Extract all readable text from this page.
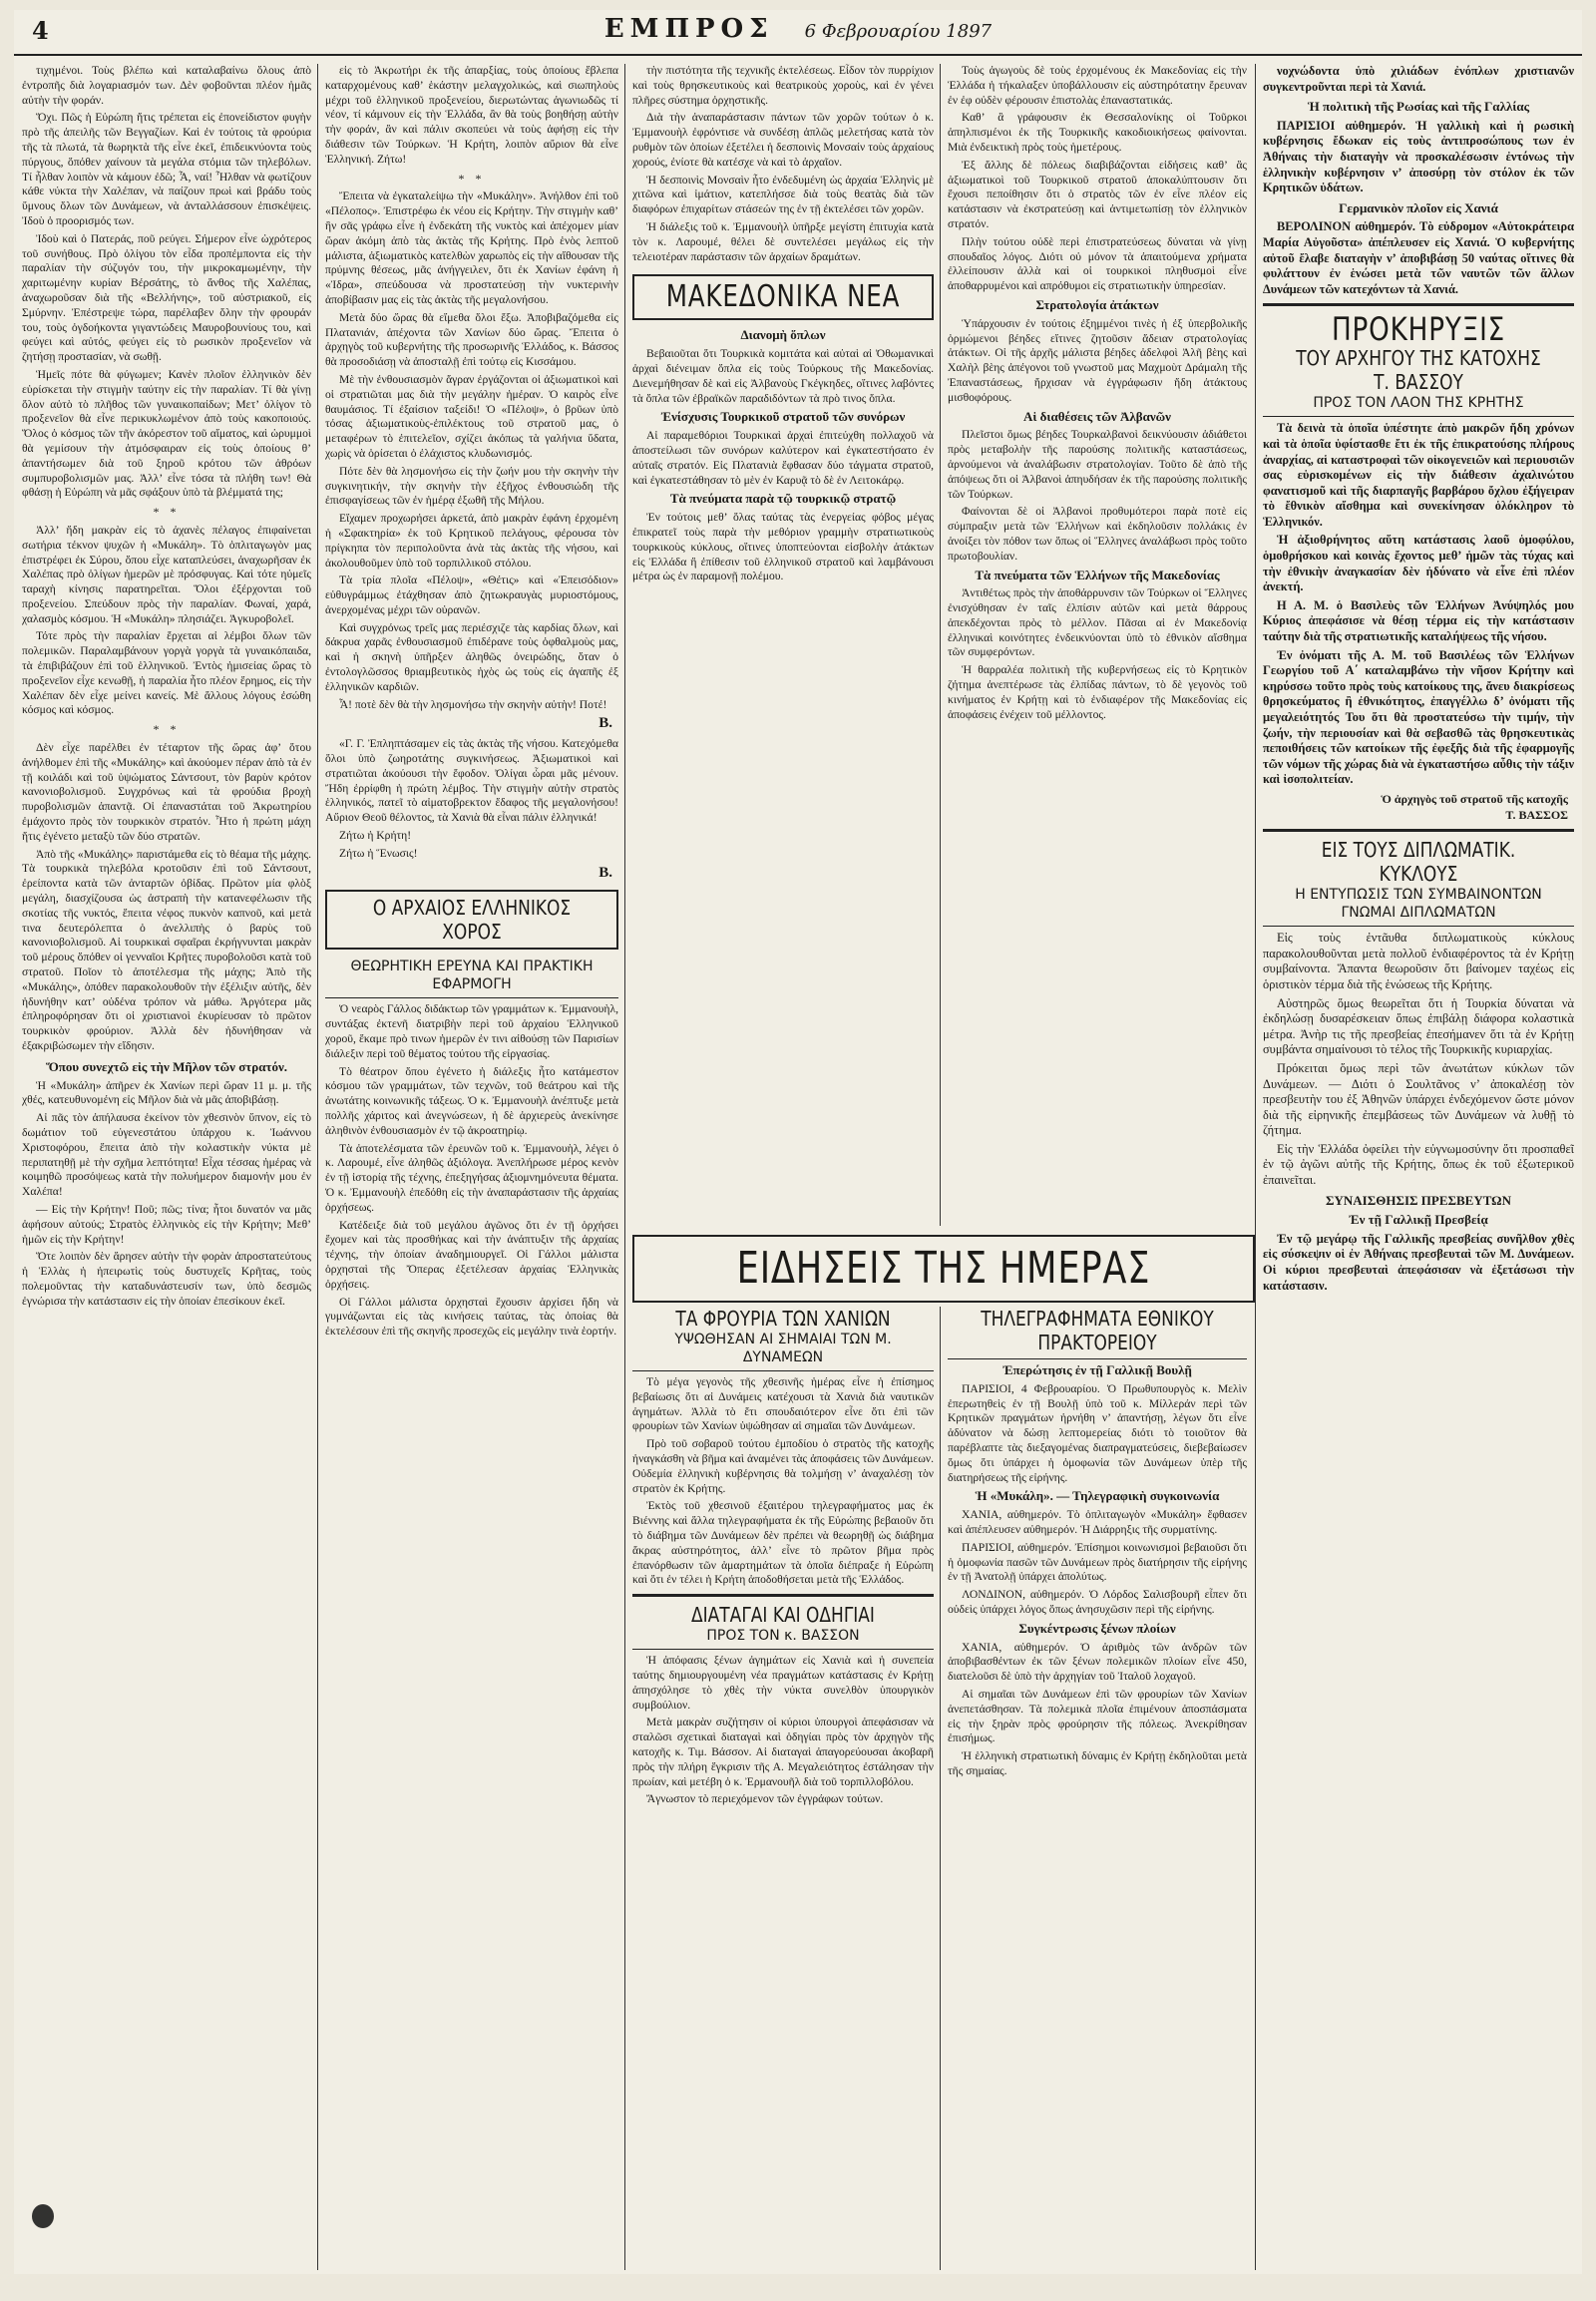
4	ΕΜΠΡΟΣ 6 Φεβρουαρίου 1897

τιχημένοι. Τοὺς βλέπω καὶ καταλαβαίνω ὅλους ἀπὸ ἐντροπῆς διὰ λογαριασμόν των. Δὲν φοβοῦνται πλέον ἡμᾶς αὐτὴν τὴν φοράν.

Ὅχι. Πῶς ἡ Εὐρώπη ἤτις τρέπεται εἰς ἐπονείδιστον φυγὴν πρὸ τῆς ἀπειλῆς τῶν Βεγγαζίων. Καὶ ἐν τούτοις τὰ φρούρια τῆς τὰ πλωτά, τὰ θωρηκτὰ τῆς εἶνε ἐκεῖ, ἐπιδεικνύοντα τοὺς πύργους, ὅπόθεν χαίνουν τὰ μεγάλα στόμια τῶν τηλεβόλων. Τί ἦλθαν λοιπὸν νὰ κάμουν ἐδῶ; Ἆ, ναί! Ἦλθαν νὰ φωτίζουν κάθε νύκτα τὴν Χαλέπαν, νὰ παίζουν πρωὶ καὶ βράδυ τοὺς ὕμνους ὅλων τῶν Δυνάμεων, νὰ ἀνταλλάσσουν ἐπισκέψεις. Ἰδοὺ ὁ προορισμός των.

Ἰδοὺ καὶ ὁ Πατεράς, ποῦ ρεύγει. Σήμερον εἶνε ὡχρότερος τοῦ συνήθους. Πρὸ ὀλίγου τὸν εἶδα προπέμποντα εἰς τὴν παραλίαν τὴν σύζυγόν του, τὴν μικροκαμωμένην, τὴν χαριτωμένην κυρίαν Βέρσάτης, τὸ ἄνθος τῆς Χαλέπας, ἀναχωροῦσαν διὰ τῆς «Βελλήνης», τοῦ αὐστριακοῦ, εἰς Σμύρνην. Ἐπέστρεψε τώρα, παρέλαβεν ὅλην τὴν φρουράν του, τοὺς ὀγδοήκοντα γιγαντώδεις Μαυροβουνίους του, καὶ φεύγει καὶ αὐτός, φεύγει εἰς τὸ ρωσικὸν προξενεῖον νὰ ζητήσῃ προστασίαν, νὰ σωθῇ.

Ἡμεῖς πότε θὰ φύγωμεν; Κανὲν πλοῖον ἑλληνικὸν δὲν εὑρίσκεται τὴν στιγμὴν ταύτην εἰς τὴν παραλίαν. Τί θὰ γίνῃ ὅλον αὐτὸ τὸ πλῆθος τῶν γυναικοπαίδων; Μετ’ ὀλίγον τὸ προξενεῖον θὰ εἶνε περικυκλωμένον ἀπὸ τοὺς κακοποιούς. Ὅλος ὁ κόσμος τῶν τῆν ἀκόρεστον τοῦ αἵματος, καὶ ὠρυμμοὶ θὰ γεμίσουν τὴν ἀτμόσφαιραν εἰς τοὺς ὁποίους θ’ ἀπαντήσωμεν διὰ τοῦ ξηροῦ κρότου τῶν ἀθρόων συμπυροβολισμῶν μας. Ἀλλ’ εἶνε τόσα τὰ πλήθη των! Θὰ φθάσῃ ἡ Εὐρώπη νὰ μᾶς σφάξουν ὑπὸ τὰ βλέμματά της;

* *

Ἀλλ’ ἤδη μακρὰν εἰς τὸ ἀχανὲς πέλαγος ἐπιφαίνεται σωτήρια τέκνον ψυχῶν ἡ «Μυκάλη». Τὸ ὁπλιταγωγὸν μας ἐπιστρέφει ἐκ Σύρου, ὅπου εἶχε καταπλεύσει, ἀναχωρῆσαν ἐκ Χαλέπας πρὸ ὀλίγων ἡμερῶν μὲ πρόσφυγας. Καὶ τότε ηὐμεῖς ταραχὴ κίνησις παρατηρεῖται. Ὅλοι ἐξέρχονται τοῦ προξενείου. Σπεύδουν πρὸς τὴν παραλίαν. Φωναί, χαρά, χαλασμὸς κόσμου. Ἡ «Μυκάλη» πλησιάζει. Ἀγκυροβολεῖ.

Τότε πρὸς τὴν παραλίαν ἔρχεται αἱ λέμβοι ὅλων τῶν πολεμικῶν. Παραλαμβάνουν γοργὰ γοργὰ τὰ γυναικόπαιδα, τὰ ἐπιβιβάζουν ἐπὶ τοῦ ἑλληνικοῦ. Ἐντὸς ἡμισείας ὥρας τὸ προξενεῖον εἶχε κενωθῇ, ἡ παραλία ἦτο πλέον ἔρημος, εἰς τὴν Χαλέπαν δὲν εἶχε μείνει κανείς. Μὲ ἄλλους λόγους ἐσώθη κόσμος καὶ κόσμος.

* *

Δὲν εἶχε παρέλθει ἐν τέταρτον τῆς ὥρας ἀφ’ ὅτου ἀνήλθομεν ἐπὶ τῆς «Μυκάλης» καὶ ἀκούομεν πέραν ἀπὸ τὰ ἐν τῇ κοιλάδι καὶ τοῦ ὑψώματος Σάντσουτ, τὸν βαρὺν κρότον κανονιοβολισμοῦ. Συγχρόνως καὶ τὰ φρούδια βροχὴ πυροβολισμῶν ἀπαντᾷ. Οἱ ἐπαναστάται τοῦ Ἀκρωτηρίου ἐμάχοντο πρὸς τὸν τουρκικὸν στρατόν. Ἦτο ἡ πρώτη μάχη ἥτις ἐγένετο μεταξὺ τῶν δύο στρατῶν.

Ἀπὸ τῆς «Μυκάλης» παριστάμεθα εἰς τὸ θέαμα τῆς μάχης. Τὰ τουρκικὰ τηλεβόλα κροτοῦσιν ἐπὶ τοῦ Σάντσουτ, ἐρείποντα κατὰ τῶν ἀνταρτῶν ὀβίδας. Πρῶτον μία φλὸξ μεγάλη, διασχίζουσα ὡς ἀστραπὴ τὴν κατανεφέλωσιν τῆς σκοτίας τῆς νυκτός, ἔπειτα νέφος πυκνὸν καπνοῦ, καὶ μετὰ τινα δευτερόλεπτα ὁ ἀνελλιπὴς ὁ βαρὺς τοῦ κανονιοβολισμοῦ. Αἱ τουρκικαὶ σφαῖραι ἐκρήγνυνται μακρὰν τοῦ μέρους ὅπόθεν οἱ γενναῖοι Κρῆτες πυροβολοῦσι κατὰ τοῦ στρατοῦ. Ποῖον τὸ ἀποτέλεσμα τῆς μάχης; Ἀπὸ τῆς «Μυκάλης», ὁπόθεν παρακολουθοῦν τὴν ἐξέλιξιν αὐτῆς, δὲν ἠδυνήθην κατ’ οὐδένα τρόπον νὰ μάθω. Ἀργότερα μᾶς ἐπληροφόρησαν ὅτι οἱ χριστιανοὶ ἐκυρίευσαν τὸ πρῶτον τουρκικὸν φρούριον. Ἀλλὰ δὲν ἠδυνήθησαν νὰ ἐξακριβώσωμεν τὴν εἴδησιν.

Ὅπου συνεχτῶ εἰς τὴν Μῆλον τῶν στρατόν.

Ἡ «Μυκάλη» ἀπῆρεν ἐκ Χανίων περὶ ὥραν 11 μ. μ. τῆς χθές, κατευθυνομένη εἰς Μῆλον διὰ νὰ μᾶς ἀποβιβάσῃ.

Αἱ πᾶς τὸν ἀπήλαυσα ἐκείνον τὸν χθεσινὸν ὕπνον, εἰς τὸ δωμάτιον τοῦ εὐγενεστάτου ὑπάρχου κ. Ἰωάννου Χριστοφόρου, ἔπειτα ἀπὸ τὴν κολαστικὴν νύκτα μὲ περιπατηθῇ μὲ τὴν σχῆμα λεπτότητα! Εἶχα τέσσας ἡμέρας νὰ κοιμηθῶ προσόψεως κατὰ τὴν πολυήμερον διαμονήν μου ἐν Χαλέπα!

— Εἰς τὴν Κρήτην! Ποῦ; πῶς; τίνα; ἦτοι δυνατόν να μᾶς ἀφήσουν αὐτούς; Στρατὸς ἑλληνικὸς εἰς τὴν Κρήτην; Μεθ’ ἡμῶν εἰς τὴν Κρήτην!

Ὅτε λοιπὸν δὲν ἄρησεν αὐτὴν τὴν φορὰν ἀπροστατεύτους ἡ Ἑλλὰς ἡ ἠπειρωτὶς τοὺς δυστυχεῖς Κρῆτας, τοὺς πολεμοῦντας τὴν καταδυνάστευσίν των, ὑπὸ δεσμῶς ἐγνώρισα τὴν κατάστασιν εἰς τὴν ὁποίαν ἐπεσίκουν ἐκεῖ.

εἰς τὸ Ἀκρωτήρι ἐκ τῆς ἀπαρξίας, τοὺς ὁποίους ἔβλεπα καταρχομένους καθ’ ἑκάστην μελαγχολικώς, καὶ σιωπηλοὺς μέχρι τοῦ ἑλληνικοῦ προξενείου, διερωτώντας ἀγωνιωδῶς τί νέον, τί κάμνουν εἰς τὴν Ἑλλάδα, ἂν θὰ τοὺς βοηθήσῃ αὐτὴν τὴν φοράν, ἂν καὶ πάλιν σκοπεύει νὰ τοὺς ἀφήσῃ εἰς τὴν διάθεσιν τῶν Τούρκων. Ἡ Κρήτη, λοιπὸν αὔριον θὰ εἶνε Ἑλληνική. Ζήτω!

* *

Ἔπειτα νὰ ἐγκαταλείψω τὴν «Μυκάλην». Ἀνήλθον ἐπὶ τοῦ «Πέλοπος». Ἐπιστρέφω ἐκ νέου εἰς Κρήτην. Τὴν στιγμὴν καθ’ ἣν σᾶς γράφω εἶνε ἡ ἐνδεκάτη τῆς νυκτὸς καὶ ἀπέχομεν μίαν ὥραν ἀκόμη ἀπὸ τὰς ἀκτὰς τῆς Κρήτης. Πρὸ ἑνὸς λεπτοῦ μάλιστα, ἀξιωματικὸς κατελθὼν χαρωπὸς εἰς τὴν αἴθουσαν τῆς πρύμνης θέσεως, μᾶς ἀνήγγειλεν, ὅτι ἐκ Χανίων ἐφάνη ἡ «Ἰδρα», σπεύδουσα νὰ προστατεύσῃ τὴν νυκτερινὴν ἀποβίβασιν μας εἰς τὰς ἀκτὰς τῆς μεγαλονήσου.

Μετὰ δύο ὥρας θὰ εἴμεθα ὅλοι ἔξω. Ἀποβιβαζόμεθα εἰς Πλατανιάν, ἀπέχοντα τῶν Χανίων δύο ὥρας. Ἔπειτα ὁ ἀρχηγὸς τοῦ κυβερνήτης τῆς προσωρινῆς Ἑλλάδος, κ. Βάσσος θὰ προσοδιάσῃ νὰ ἀποσταλῇ ἐπὶ τούτῳ εἰς Κισσάμου.

Μὲ τὴν ἐνθουσιασμὸν ἄγραν ἐργάζονται οἱ ἀξιωματικοὶ καὶ οἱ στρατιῶται μας διὰ τὴν μεγάλην ἡμέραν. Ὁ καιρὸς εἶνε θαυμάσιος. Τί ἐξαίσιον ταξείδι! Ὁ «Πέλοψ», ὁ βρῦων ὑπὸ τόσας ἀξιωματικοὺς-ἐπιλέκτους τοῦ στρατοῦ μας, ὁ μεταφέρων τὸ ἐπιτελεῖον, σχίζει ἀκόπως τὰ γαλήνια ὕδατα, χωρὶς νὰ ὁρίσεται ὁ ἐλάχιστος κλυδωνισμός.

Πότε δὲν θὰ λησμονήσω εἰς τὴν ζωήν μου τὴν σκηνὴν τὴν συγκινητικήν, τὴν σκηνὴν τὴν ἐξῆχος ἐνθουσιώδη τῆς ἐπισφαγίσεως τῶν ἐν ἡμέρᾳ ἐξωθῆ τῆς Μήλου.

Εἴχαμεν προχωρήσει ἀρκετά, ἀπὸ μακρὰν ἐφάνη ἐρχομένη ἡ «Σφακτηρία» ἐκ τοῦ Κρητικοῦ πελάγους, φέρουσα τὸν πρίγκηπα τὸν περιπολοῦντα ἀνὰ τὰς ἀκτὰς τῆς νήσου, καὶ ἀκολουθοῦμεν ὑπὸ τοῦ τορπιλλικοῦ στόλου.

Τὰ τρία πλοῖα «Πέλοψ», «Θέτις» καὶ «Ἐπεισόδιον» εὐθυγράμμως ἐτάχθησαν ἀπὸ ζητωκραυγὰς μυριοστόμους, ἀνερχομένας μέχρι τῶν οὐρανῶν.

Καὶ συγχρόνως τρεῖς μας περιέσχιζε τὰς καρδίας ὅλων, καὶ δάκρυα χαρᾶς ἐνθουσιασμοῦ ἐπιδέρανε τοὺς ὀφθαλμοὺς μας, καὶ ἡ σκηνὴ ὑπῆρξεν ἀληθῶς ὀνειρώδης, ὅταν ὁ ἐντολογλῶσσος θριαμβευτικὸς ἡχὸς ὡς τοὺς εἰς ἀγαπῆς ἐξ ἑλληνικῶν καρδιῶν.

Ἆ! ποτὲ δὲν θὰ τὴν λησμονήσω τὴν σκηνὴν αὐτὴν! Ποτέ!

Β.

«Γ. Γ. Ἐπληπτάσαμεν εἰς τὰς ἀκτὰς τῆς νήσου. Κατεχόμεθα ὅλοι ὑπὸ ζωηροτάτης συγκινήσεως. Ἀξιωματικοὶ καὶ στρατιῶται ἀκούουσι τὴν ἔφοδον. Ὀλίγαι ὧραι μᾶς μένουν. Ἤδη ἐρρίφθη ἡ πρώτη λέμβος. Τὴν στιγμὴν αὐτὴν στρατὸς ἑλληνικός, πατεῖ τὸ αἱματοβρεκτον ἔδαφος τῆς μεγαλονήσου! Αὔριον Θεοῦ θέλοντος, τὰ Χανιὰ θὰ εἶναι πάλιν ἑλληνικά!

Ζήτω ἡ Κρήτη!

Ζήτω ἡ Ἕνωσις!

Β.
Ο ΑΡΧΑΙΟΣ ΕΛΛΗΝΙΚΟΣ ΧΟΡΟΣ
ΘΕΩΡΗΤΙΚΗ ΕΡΕΥΝΑ ΚΑΙ ΠΡΑΚΤΙΚΗ ΕΦΑΡΜΟΓΗ

Ὁ νεαρὸς Γάλλος διδάκτωρ τῶν γραμμάτων κ. Ἐμμανουὴλ, συντάξας ἐκτενῆ διατριβὴν περὶ τοῦ ἀρχαίου Ἑλληνικοῦ χοροῦ, ἔκαμε πρὸ τινων ἡμερῶν ἐν τινι αἰθούσῃ τῶν Παρισίων διάλεξιν περὶ τοῦ θέματος τούτου τῆς εἰργασίας.

Τὸ θέατρον ὅπου ἐγένετο ἡ διάλεξις ἦτο κατάμεστον κόσμου τῶν γραμμάτων, τῶν τεχνῶν, τοῦ θεάτρου καὶ τῆς ἀνωτάτης κοινωνικῆς τάξεως. Ὁ κ. Ἐμμανουὴλ ἀνέπτυξε μετὰ πολλῆς χάριτος καὶ ἀνεγνώσεων, ἡ δὲ ἀρχιερεὺς ἀνεκίνησε ἀληθινὸν ἐνθουσιασμὸν ἐν τῷ ἀκροατηρίῳ.

Τὰ ἀποτελέσματα τῶν ἐρευνῶν τοῦ κ. Ἐμμανουὴλ, λέγει ὁ κ. Λαρουμέ, εἶνε ἀληθῶς ἀξιόλογα. Ἀνεπλήρωσε μέρος κενὸν ἐν τῇ ἱστορίᾳ τῆς τέχνης, ἐπεξηγήσας ἀξιομνημόνευτα θέματα. Ὁ κ. Ἐμμανουὴλ ἐπεδόθη εἰς τὴν ἀναπαράστασιν τῆς ἀρχαίας ὀρχήσεως.

Κατέδειξε διὰ τοῦ μεγάλου ἀγῶνος ὅτι ἐν τῇ ὀρχήσει ἔχομεν καὶ τὰς προσθήκας καὶ τὴν ἀνάπτυξιν τῆς ἀρχαίας τέχνης, τὴν ὁποίαν ἀναδημιουργεῖ. Οἱ Γάλλοι μάλιστα ὀρχησταὶ τῆς Ὄπερας ἐξετέλεσαν ἀρχαίας Ἑλληνικὰς ὀρχήσεις.

Οἱ Γάλλοι μάλιστα ὀρχησταὶ ἔχουσιν ἀρχίσει ἤδη νὰ γυμνάζωνται εἰς τὰς κινήσεις ταύτας, τὰς ὁποίας θὰ ἐκτελέσουν ἐπὶ τῆς σκηνῆς προσεχῶς εἰς μεγάλην τινὰ ἑορτήν.

τὴν πιστότητα τῆς τεχνικῆς ἐκτελέσεως. Εἶδον τὸν πυρρίχιον καὶ τοὺς θρησκευτικοὺς καὶ θεατρικοὺς χοροὺς, καὶ ἐν γένει πλῆρες σύστημα ὀρχηστικῆς.

Διὰ τὴν ἀναπαράστασιν πάντων τῶν χορῶν τούτων ὁ κ. Ἐμμανουὴλ ἐφρόντισε νὰ συνδέσῃ ἁπλῶς μελετήσας κατὰ τὸν ρυθμὸν τῶν ὁποίων ἐξετέλει ἡ δεσποινὶς Μονσαίν τοὺς ἀρχαίους χορούς, ἐνίοτε θὰ κατέσχε νὰ καὶ τὸ ἀρχαῖον.

Ἡ δεσποινὶς Μονσαὶν ἦτο ἐνδεδυμένη ὡς ἀρχαία Ἑλληνὶς μὲ χιτῶνα καὶ ἱμάτιον, κατεπλήσσε διὰ τοὺς θεατὰς διὰ τῶν διαφόρων ἐπιχαρίτων στάσεών της ἐν τῇ ἐκτελέσει τῶν χορῶν.

Ἡ διάλεξις τοῦ κ. Ἐμμανουὴλ ὑπῆρξε μεγίστη ἐπιτυχία κατὰ τὸν κ. Λαρουμέ, θέλει δὲ συντελέσει μεγάλως εἰς τὴν τελειοτέραν παράστασιν τῶν ἀρχαίων δραμάτων.

ΜΑΚΕΔΟΝΙΚΑ ΝΕΑ
Διανομὴ ὅπλων

Βεβαιοῦται ὅτι Τουρκικὰ κομιτάτα καὶ αὐταὶ αἱ Ὀθωμανικαὶ ἀρχαὶ διένειμαν ὅπλα εἰς τοὺς Τούρκους τῆς Μακεδονίας. Διενεμήθησαν δὲ καὶ εἰς Ἀλβανοὺς Γκέγκηδες, οἵτινες λαβόντες τὰ ὅπλα τῶν ἐβραϊκῶν παραδιδόντων τὰ πρὸ τινος ὅπλα.

Ἐνίσχυσις Τουρκικοῦ στρατοῦ τῶν συνόρων

Αἱ παραμεθόριοι Τουρκικαὶ ἀρχαὶ ἐπιτεύχθη πολλαχοῦ νὰ ἀποστείλωσι τῶν συνόρων καλύτερον καὶ ἐγκατεστήσατο ἐν αὐταῖς στρατόν. Εἰς Πλατανιὰ ἔφθασαν δύο τάγματα στρατοῦ, καὶ ἐγκατεστάθησαν τὸ μὲν ἐν Καρυᾷ τὸ δὲ ἐν Λειτοκάρῳ.

Τὰ πνεύματα παρὰ τῷ τουρκικῷ στρατῷ

Ἐν τούτοις μεθ’ ὅλας ταύτας τὰς ἐνεργείας φόβος μέγας ἐπικρατεῖ τοὺς παρὰ τὴν μεθόριον γραμμὴν στρατιωτικοὺς τουρκικοὺς κύκλους, οἵτινες ὑποπτεύονται εἰσβολὴν ἀτάκτων εἰς Ἑλλάδα ἢ ἐπίθεσιν τοῦ ἑλληνικοῦ στρατοῦ καὶ λαμβάνουσι μέτρα ὡς ἐν παραμονῇ πολέμου.

ΕΙΔΗΣΕΙΣ ΤΗΣ ΗΜΕΡΑΣ
ΤΑ ΦΡΟΥΡΙΑ ΤΩΝ ΧΑΝΙΩΝ
ΥΨΩΘΗΣΑΝ ΑΙ ΣΗΜΑΙΑΙ ΤΩΝ Μ. ΔΥΝΑΜΕΩΝ

Τὸ μέγα γεγονὸς τῆς χθεσινῆς ἡμέρας εἶνε ἡ ἐπίσημος βεβαίωσις ὅτι αἱ Δυνάμεις κατέχουσι τὰ Χανιὰ διὰ ναυτικῶν ἀγημάτων. Ἀλλὰ τὸ ἔτι σπουδαιότερον εἶνε ὅτι ἐπὶ τῶν φρουρίων τῶν Χανίων ὑψώθησαν αἱ σημαῖαι τῶν Δυνάμεων.

Πρὸ τοῦ σοβαροῦ τούτου ἐμποδίου ὁ στρατὸς τῆς κατοχῆς ἠναγκάσθη νὰ βῆμα καὶ ἀναμένει τὰς ἀποφάσεις τῶν Δυνάμεων. Οὐδεμία ἑλληνικὴ κυβέρνησις θὰ τολμήσῃ ν’ ἀναχαλέσῃ τὸν στρατὸν ἐκ Κρήτης.

Ἐκτὸς τοῦ χθεσινοῦ ἐξαιτέρου τηλεγραφήματος μας ἐκ Βιέννης καὶ ἄλλα τηλεγραφήματα ἐκ τῆς Εὐρώπης βεβαιοῦν ὅτι τὸ διάβημα τῶν Δυνάμεων δὲν πρέπει νὰ θεωρηθῇ ὡς διάβημα ἄκρας αὐστηρότητος, ἀλλ’ εἶνε τὸ πρῶτον βῆμα πρὸς ἐπανόρθωσιν τῶν ἁμαρτημάτων τὰ ὁποῖα διέπραξε ἡ Εὐρώπη καὶ ὅτι ἐν τέλει ἡ Κρήτη ἀποδοθήσεται μετὰ τῆς Ἑλλάδος.

ΔΙΑΤΑΓΑΙ ΚΑΙ ΟΔΗΓΙΑΙ
ΠΡΟΣ ΤΟΝ κ. ΒΑΣΣΟΝ

Ἡ ἀπόφασις ξένων ἀγημάτων εἰς Χανιὰ καὶ ἡ συνεπεία ταύτης δημιουργουμένη νέα πραγμάτων κατάστασις ἐν Κρήτῃ ἀπησχόλησε τὸ χθὲς τὴν νύκτα συνελθὸν ὑπουργικὸν συμβούλιον.

Μετὰ μακρὰν συζήτησιν οἱ κύριοι ὑπουργοὶ ἀπεφάσισαν νὰ σταλῶσι σχετικαὶ διαταγαὶ καὶ ὁδηγίαι πρὸς τὸν ἀρχηγὸν τῆς κατοχῆς κ. Τιμ. Βάσσον. Αἱ διαταγαὶ ἀπαγορεύουσαι ἀκοβαρῆ πρὸς τὴν πλήρη ἔγκρισιν τῆς Α. Μεγαλειότητος ἐστάλησαν τὴν πρωίαν, καὶ μετέβη ὁ κ. Ἐρμανουῆλ διὰ τοῦ τορπιλλοβόλου.

Ἄγνωστον τὸ περιεχόμενον τῶν ἐγγράφων τούτων.

Τοὺς ἀγωγοὺς δὲ τοὺς ἐρχομένους ἐκ Μακεδονίας εἰς τὴν Ἑλλάδα ἡ τήκαλαξεν ὑποβάλλουσιν εἰς αὐστηρότατην ἔρευναν ἐν ἐφ οὐδὲν φέρουσιν ἐπιστολὰς ἐπαναστατικάς.

Καθ’ ἃ γράφουσιν ἐκ Θεσσαλονίκης οἱ Τοῦρκοι ἀπηλπισμένοι ἐκ τῆς Τουρκικῆς κακοδιοικήσεως φαίνονται. Μιὰ ἐνδεικτικὴ πρὸς τοὺς ἡμετέρους.

Ἐξ ἄλλης δὲ πόλεως διαβιβάζονται εἰδήσεις καθ’ ἃς ἀξιωματικοὶ τοῦ Τουρκικοῦ στρατοῦ ἀποκαλύπτουσιν ὅτι ἔχουσι πεποίθησιν ὅτι ὁ στρατὸς τῶν ἐν εἶνε πλέον εἰς κατάστασιν νὰ ἐκστρατεύσῃ καὶ ἀντιμετωπίσῃ τὸν ἑλληνικὸν στρατόν.

Πλὴν τούτου οὐδὲ περὶ ἐπιστρατεύσεως δύναται νὰ γίνῃ σπουδαῖος λόγος. Διότι οὐ μόνον τὰ ἀπαιτούμενα χρήματα ἐλλείπουσιν ἀλλὰ καὶ οἱ τουρκικοὶ πληθυσμοὶ εἶνε ἀποθαρρυμένοι καὶ απρόθυμοι εἰς στρατιωτικὴν ὑπηρεσίαν.

Στρατολογία ἀτάκτων

Ὑπάρχουσιν ἐν τούτοις ἐξημμένοι τινὲς ἡ ἐξ ὑπερβολικῆς ὁρμώμενοι βέηδες εἴτινες ζητοῦσιν ἄδειαν στρατολογίας ἀτάκτων. Οἱ τῆς ἀρχῆς μάλιστα βέηδες ἀδελφοὶ Ἀλῆ βὲης καὶ Χαλὴλ βὲης ἀπέγονοι τοῦ γνωστοῦ μας Μαχμοὺτ Δράμαλη τῆς Ἐπαναστάσεως, ἤρχισαν νὰ ἐγγράφωσιν ἤδη ἀτάκτους μισθοφόρους.

Αἱ διαθέσεις τῶν Ἀλβανῶν

Πλεῖστοι ὅμως βέηδες Τουρκαλβανοὶ δεικνύουσιν ἀδιάθετοι πρὸς μεταβολὴν τῆς παρούσης πολιτικῆς καταστάσεως, ἀρνούμενοι νὰ ἀναλάβωσιν στρατολογίαν. Τοῦτο δὲ ἀπὸ τῆς ἀπόψεως ὅτι οἱ Ἀλβανοὶ ἀπηυδήσαν ἐκ τῆς παρούσης πολιτικῆς τῶν Τούρκων.

Φαίνονται δὲ οἱ Ἀλβανοὶ προθυμότεροι παρὰ ποτὲ εἰς σύμπραξιν μετὰ τῶν Ἑλλήνων καὶ ἐκδηλοῦσιν πολλάκις ἐν ἀνοίξει τὸν πόθον των ὅπως οἱ Ἕλληνες ἀναλάβωσι πρὸς τοῦτο πρωτοβουλίαν.

Τὰ πνεύματα τῶν Ἑλλήνων τῆς Μακεδονίας

Ἀντιθέτως πρὸς τὴν ἀποθάρρυνσιν τῶν Τούρκων οἱ Ἕλληνες ἐνισχύθησαν ἐν ταῖς ἐλπίσιν αὐτῶν καὶ μετὰ θάρρους ἀπεκδέχονται πρὸς τὸ μέλλον. Πᾶσαι αἱ ἐν Μακεδονίᾳ ἐλληνικαὶ κοινότητες ἐνδεικνύονται ὑπὸ τὸ ἐθνικὸν αἴσθημα τῶν συμφερόντων.

Ἡ θαρραλέα πολιτικὴ τῆς κυβερνήσεως εἰς τὸ Κρητικὸν ζήτημα ἀνεπτέρωσε τὰς ἐλπίδας πάντων, τὸ δὲ γεγονὸς τοῦ κινήματος ἐν Κρήτῃ καὶ τὸ ἐνδιαφέρον τῆς Μακεδονίας εἰς ἀποφάσεις ἐνέχειν τοῦ μέλλοντος.

ΤΗΛΕΓΡΑΦΗΜΑΤΑ ΕΘΝΙΚΟΥ ΠΡΑΚΤΟΡΕΙΟΥ
Ἐπερώτησις ἐν τῇ Γαλλικῇ Βουλῇ

ΠΑΡΙΣΙΟΙ, 4 Φεβρουαρίου. Ὁ Πρωθυπουργὸς κ. Μελὶν ἐπερωτηθεὶς ἐν τῇ Βουλῇ ὑπὸ τοῦ κ. Μίλλεράν περὶ τῶν Κρητικῶν πραγμάτων ἠρνήθη ν’ ἀπαντήσῃ, λέγων ὅτι εἶνε ἀδύνατον νὰ δώσῃ λεπτομερείας διότι τὸ τοιοῦτον θὰ παρέβλαπτε τὰς διεξαγομένας διαπραγματεύσεις, διεβεβαίωσεν ὅμως ὅτι ὑπάρχει ἡ ὁμοφωνία τῶν Δυνάμεων ὑπὲρ τῆς διατηρήσεως τῆς εἰρήνης.

Ἡ «Μυκάλη». — Τηλεγραφικὴ συγκοινωνία

ΧΑΝΙΑ, αὐθημερόν. Τὸ ὁπλιταγωγὸν «Μυκάλη» ἔφθασεν καὶ ἀπέπλευσεν αὐθημερόν. Ἡ Διάρρηξις τῆς συρματίνης.

ΠΑΡΙΣΙΟΙ, αὐθημερόν. Ἐπίσημοι κοινωνισμοὶ βεβαιοῦσι ὅτι ἡ ὁμοφωνία πασῶν τῶν Δυνάμεων πρὸς διατήρησιν τῆς εἰρήνης ἐν τῇ Ἀνατολῇ ὑπάρχει ἀπολύτως.

ΛΟΝΔΙΝΟΝ, αὐθημερόν. Ὁ Λόρδος Σαλισβουρῆ εἶπεν ὅτι οὐδεὶς ὑπάρχει λόγος ὅπως ἀνησυχῶσιν περὶ τῆς εἰρήνης.

Συγκέντρωσις ξένων πλοίων

ΧΑΝΙΑ, αὐθημερόν. Ὁ ἀριθμὸς τῶν ἀνδρῶν τῶν ἀποβιβασθέντων ἐκ τῶν ξένων πολεμικῶν πλοίων εἶνε 450, διατελοῦσι δὲ ὑπὸ τὴν ἀρχηγίαν τοῦ Ἰταλοῦ λοχαγοῦ.

Αἱ σημαῖαι τῶν Δυνάμεων ἐπὶ τῶν φρουρίων τῶν Χανίων ἀνεπετάσθησαν. Τὰ πολεμικὰ πλοῖα ἐπιμένουν ἀποσπάσματα εἰς τὴν ξηρὰν πρὸς φρούρησιν τῆς πόλεως. Ἀνεκρίθησαν ἐπισήμως.

Ἡ ἑλληνικὴ στρατιωτικὴ δύναμις ἐν Κρήτῃ ἐκδηλοῦται μετὰ τῆς σημαίας.

νοχνώδοντα ὑπὸ χιλιάδων ἐνόπλων χριστιανῶν συγκεντροῦνται περὶ τὰ Χανιά.

Ἡ πολιτικὴ τῆς Ρωσίας καὶ τῆς Γαλλίας

ΠΑΡΙΣΙΟΙ αὐθημερόν. Ἡ γαλλικὴ καὶ ἡ ρωσικὴ κυβέρνησις ἔδωκαν εἰς τοὺς ἀντιπροσώπους των ἐν Ἀθήναις τὴν διαταγὴν νὰ προσκαλέσωσιν ἐντόνως τὴν ἑλληνικὴν κυβέρνησιν ν’ ἀποσύρῃ τὸν στόλον ἐκ τῶν Κρητικῶν ὑδάτων.

Γερμανικὸν πλοῖον εἰς Χανιά

ΒΕΡΟΛΙΝΟΝ αὐθημερόν. Τὸ εὐδρομον «Αὐτοκράτειρα Μαρία Αὐγοῦστα» ἀπέπλευσεν εἰς Χανιά. Ὁ κυβερνήτης αὐτοῦ ἔλαβε διαταγὴν ν’ ἀποβιβάσῃ 50 ναύτας οἵτινες θὰ φυλάττουν ἐν ἑνώσει μετὰ τῶν ναυτῶν τῶν ἄλλων Δυνάμεων τῶν κατεχόντων τὰ Χανιά.

ΠΡΟΚΗΡΥΞΙΣ
ΤΟΥ ΑΡΧΗΓΟΥ ΤΗΣ ΚΑΤΟΧΗΣ
Τ. ΒΑΣΣΟΥ
ΠΡΟΣ ΤΟΝ ΛΑΟΝ ΤΗΣ ΚΡΗΤΗΣ

Τὰ δεινὰ τὰ ὁποῖα ὑπέστητε ἀπὸ μακρῶν ἤδη χρόνων καὶ τὰ ὁποῖα ὑφίστασθε ἔτι ἐκ τῆς ἐπικρατούσης πλήρους ἀναρχίας, αἱ καταστροφαὶ τῶν οἰκογενειῶν καὶ περιουσιῶν σας εὑρισκομένων εἰς τὴν διάθεσιν ἀχαλινώτου φανατισμοῦ καὶ τῆς διαρπαγῆς βαρβάρου ὄχλου ἐξήγειραν τὸ ἔθνικὸν αἴσθημα καὶ συνεκίνησαν ὁλόκληρον τὸ Ἑλληνικόν.

Ἡ ἀξιοθρήνητος αὕτη κατάστασις λαοῦ ὁμοφύλου, ὁμοθρήσκου καὶ κοινὰς ἔχοντος μεθ’ ἡμῶν τὰς τύχας καὶ τὴν ἐθνικὴν ἀναγκασίαν δὲν ἠδύνατο νὰ εἶνε ἐπὶ πλέον ἀνεκτή.

Η Α. Μ. ὁ Βασιλεὺς τῶν Ἑλλήνων Ἀνύψηλός μου Κύριος ἀπεφάσισε νὰ θέσῃ τέρμα εἰς τὴν κατάστασιν ταύτην διὰ τῆς στρατιωτικῆς καταλήψεως τῆς νήσου.

Ἐν ὀνόματι τῆς Α. Μ. τοῦ Βασιλέως τῶν Ἑλλήνων Γεωργίου τοῦ Α΄ καταλαμβάνω τὴν νῆσον Κρήτην καὶ κηρύσσω τοῦτο πρὸς τοὺς κατοίκους της, ἄνευ διακρίσεως θρησκεύματος ἢ ἐθνικότητος, ἐπαγγέλλω δ’ ὀνόματι τῆς μεγαλειότητός Του ὅτι θὰ προστατεύσω τὴν τιμήν, τὴν ζωήν, τὴν περιουσίαν καὶ θὰ σεβασθῶ τὰς θρησκευτικὰς πεποιθήσεις τῶν κατοίκων τῆς ἐφεξῆς διὰ τῆς ἐφαρμογῆς τῶν νόμων τῆς χώρας διὰ νὰ ἐγκαταστήσω αὖθις τὴν τάξιν καὶ ἰσοπολιτείαν.

Ὁ ἀρχηγὸς τοῦ στρατοῦ τῆς κατοχῆς
Τ. ΒΑΣΣΟΣ
ΕΙΣ ΤΟΥΣ ΔΙΠΛΩΜΑΤΙΚ. ΚΥΚΛΟΥΣ
Η ΕΝΤΥΠΩΣΙΣ ΤΩΝ ΣΥΜΒΑΙΝΟΝΤΩΝ
ΓΝΩΜΑΙ ΔΙΠΛΩΜΑΤΩΝ

Εἰς τοὺς ἐντᾶυθα διπλωματικοὺς κύκλους παρακολουθοῦνται μετὰ πολλοῦ ἐνδιαφέροντος τὰ ἐν Κρήτῃ συμβαίνοντα. Ἅπαντα θεωροῦσιν ὅτι βαίνομεν ταχέως εἰς ὁριστικὸν τέρμα διὰ τῆς ἑνώσεως τῆς Κρήτης.

Αὐστηρῶς ὅμως θεωρεῖται ὅτι ἡ Τουρκία δύναται νὰ ἐκδηλώσῃ δυσαρέσκειαν ὅπως ἐπιβάλῃ διάφορα κολαστικὰ μέτρα. Ἀνὴρ τις τῆς πρεσβείας ἐπεσήμανεν ὅτι τὰ ἐν Κρήτῃ συμβάντα σημαίνουσι τὸ τέλος τῆς Τουρκικῆς κυριαρχίας.

Πρόκειται ὅμως περὶ τῶν ἀνωτάτων κύκλων τῶν Δυνάμεων. — Διότι ὁ Σουλτᾶνος ν’ ἀποκαλέσῃ τὸν πρεσβευτὴν του ἐξ Ἀθηνῶν ὑπάρχει ἐνδεχόμενον ὥστε μόνον διὰ τῆς εἰρηνικῆς ἐπεμβάσεως τῶν Δυνάμεων νὰ λυθῇ τὸ ζήτημα.

Εἰς τὴν Ἑλλάδα ὀφείλει τὴν εὐγνωμοσύνην ὅτι προσπαθεῖ ἐν τῷ ἀγῶνι αὐτῆς τῆς Κρήτης, ὅπως ἐκ τοῦ ἐξωτερικοῦ ἐπαινεῖται.

ΣΥΝΑΙΣΘΗΣΙΣ ΠΡΕΣΒΕΥΤΩΝ
Ἐν τῇ Γαλλικῇ Πρεσβείᾳ

Ἐν τῷ μεγάρῳ τῆς Γαλλικῆς πρεσβείας συνῆλθον χθὲς εἰς σύσκεψιν οἱ ἐν Ἀθήναις πρεσβευταὶ τῶν Μ. Δυνάμεων. Οἱ κύριοι πρεσβευταὶ ἀπεφάσισαν νὰ ἐξετάσωσι τὴν κατάστασιν.
